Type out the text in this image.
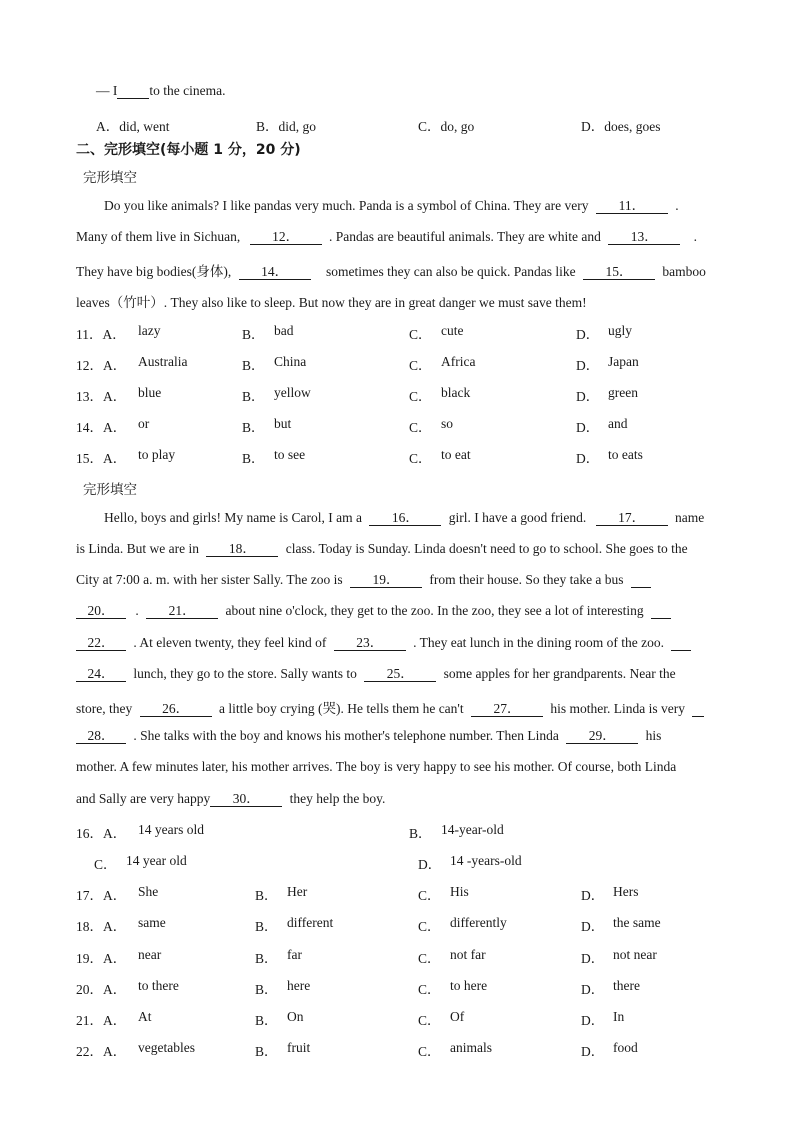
— I to the cinema.
A．did, went	B．did, go	C．do, go	D．does, goes
二、完形填空(每小题 1 分，20 分)
完形填空
Do you like animals? I like pandas very much. Panda is a symbol of China. They are very 11． .
Many of them live in Sichuan, 12． . Pandas are beautiful animals. They are white and 13．	.
They have big bodies(身体), 14．	sometimes they can also be quick. Pandas like 15． bamboo
leaves（竹叶）. They also like to sleep. But now they are in great danger we must save them!
11．A． lazy	B． bad	C． cute	D． ugly
12．A． Australia	B． China	C． Africa	D． Japan
13．A． blue	B． yellow	C． black	D． green
14．A． or	B． but	C． so	D． and
15．A． to play	B． to see	C． to eat	D． to eats
完形填空
Hello, boys and girls! My name is Carol, I am a 16． girl. I have a good friend. 17． name
is Linda. But we are in 18． class. Today is Sunday. Linda doesn't need to go to school. She goes to the
City at 7:00 a. m. with her sister Sally. The zoo is 19． from their house. So they take a bus
20． . 21． about nine o'clock, they get to the zoo. In the zoo, they see a lot of interesting
22． . At eleven twenty, they feel kind of 23． . They eat lunch in the dining room of the zoo.
24． lunch, they go to the store. Sally wants to 25． some apples for her grandparents. Near the
store, they 26． a little boy crying (哭). He tells them he can't 27． his mother. Linda is very
28． . She talks with the boy and knows his mother's telephone number. Then Linda 29． his
mother. A few minutes later, his mother arrives. The boy is very happy to see his mother. Of course, both Linda
and Sally are very happy 30． they help the boy.
16．A． 14 years old	B． 14-year-old
C． 14 year old	D． 14 -years-old
17．A． She	B． Her	C． His	D． Hers
18．A． same	B． different	C． differently	D． the same
19．A． near	B． far	C． not far	D． not near
20．A． to there	B． here	C． to here	D． there
21．A． At	B． On	C． Of	D． In
22．A． vegetables	B． fruit	C． animals	D． food
